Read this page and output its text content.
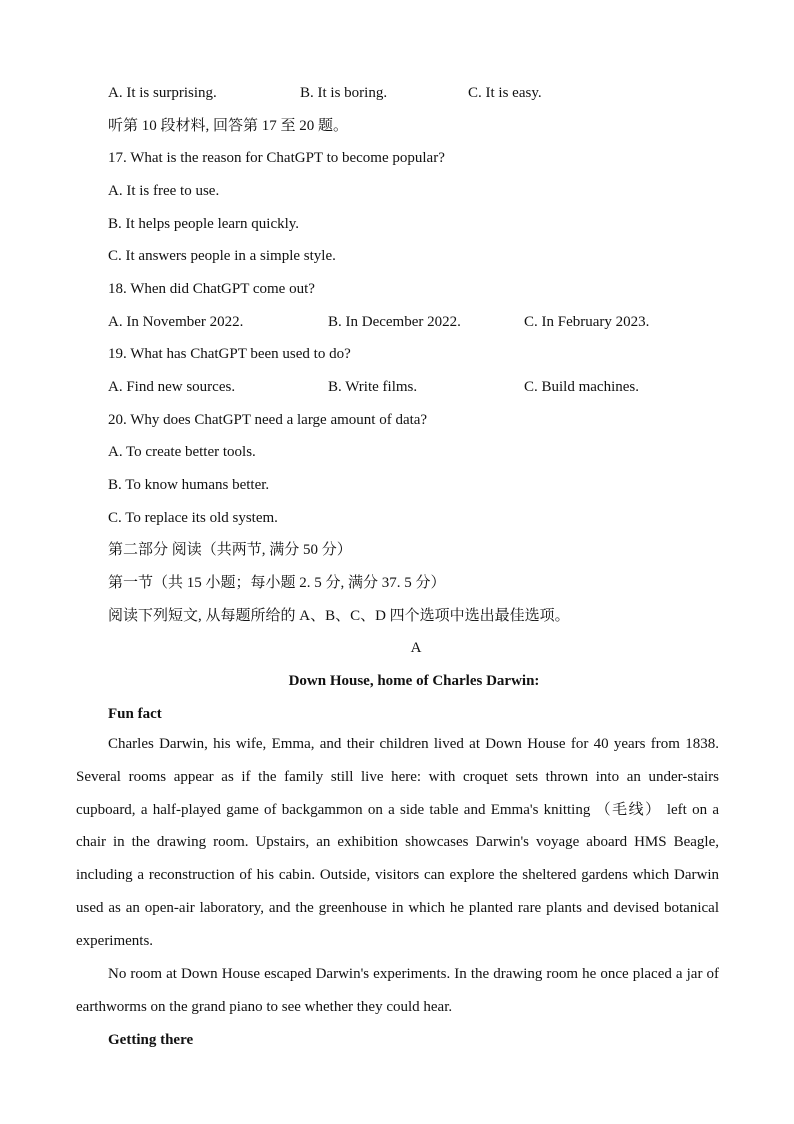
A. It is surprising.	B. It is boring.	C. It is easy.
听第 10 段材料, 回答第 17 至 20 题。
17. What is the reason for ChatGPT to become popular?
A. It is free to use.
B. It helps people learn quickly.
C. It answers people in a simple style.
18. When did ChatGPT come out?
A. In November 2022.	B. In December 2022.	C. In February 2023.
19. What has ChatGPT been used to do?
A. Find new sources.	B. Write films.	C. Build machines.
20. Why does ChatGPT need a large amount of data?
A. To create better tools.
B. To know humans better.
C. To replace its old system.
第二部分 阅读（共两节, 满分 50 分）
第一节（共 15 小题；每小题 2. 5 分, 满分 37. 5 分）
阅读下列短文, 从每题所给的 A、B、C、D 四个选项中选出最佳选项。
A
Down House, home of Charles Darwin:
Fun fact

Charles Darwin, his wife, Emma, and their children lived at Down House for 40 years from 1838. Several rooms appear as if the family still live here: with croquet sets thrown into an under-stairs cupboard, a half-played game of backgammon on a side table and Emma's knitting （毛线） left on a chair in the drawing room. Upstairs, an exhibition showcases Darwin's voyage aboard HMS Beagle, including a reconstruction of his cabin. Outside, visitors can explore the sheltered gardens which Darwin used as an open-air laboratory, and the greenhouse in which he planted rare plants and devised botanical experiments.

No room at Down House escaped Darwin's experiments. In the drawing room he once placed a jar of earthworms on the grand piano to see whether they could hear.

Getting there
